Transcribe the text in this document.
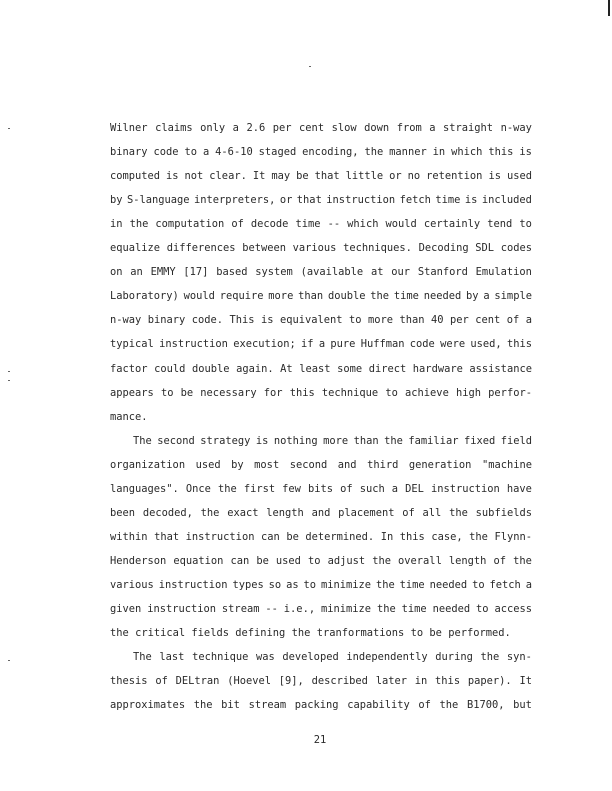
Wilner claims only a 2.6 per cent slow down from a straight n-way
binary code to a 4-6-10 staged encoding, the manner in which this is
computed is not clear. It may be that little or no retention is used
by S-language interpreters, or that instruction fetch time is included
in the computation of decode time -- which would certainly tend to
equalize differences between various techniques. Decoding SDL codes
on an EMMY [17] based system (available at our Stanford Emulation
Laboratory) would require more than double the time needed by a simple
n-way binary code. This is equivalent to more than 40 per cent of a
typical instruction execution; if a pure Huffman code were used, this
factor could double again. At least some direct hardware assistance
appears to be necessary for this technique to achieve high perfor-
mance.
The second strategy is nothing more than the familiar fixed field
organization used by most second and third generation "machine
languages". Once the first few bits of such a DEL instruction have
been decoded, the exact length and placement of all the subfields
within that instruction can be determined. In this case, the Flynn-
Henderson equation can be used to adjust the overall length of the
various instruction types so as to minimize the time needed to fetch a
given instruction stream -- i.e., minimize the time needed to access
the critical fields defining the tranformations to be performed.
The last technique was developed independently during the syn-
thesis of DELtran (Hoevel [9], described later in this paper). It
approximates the bit stream packing capability of the B1700, but
21
